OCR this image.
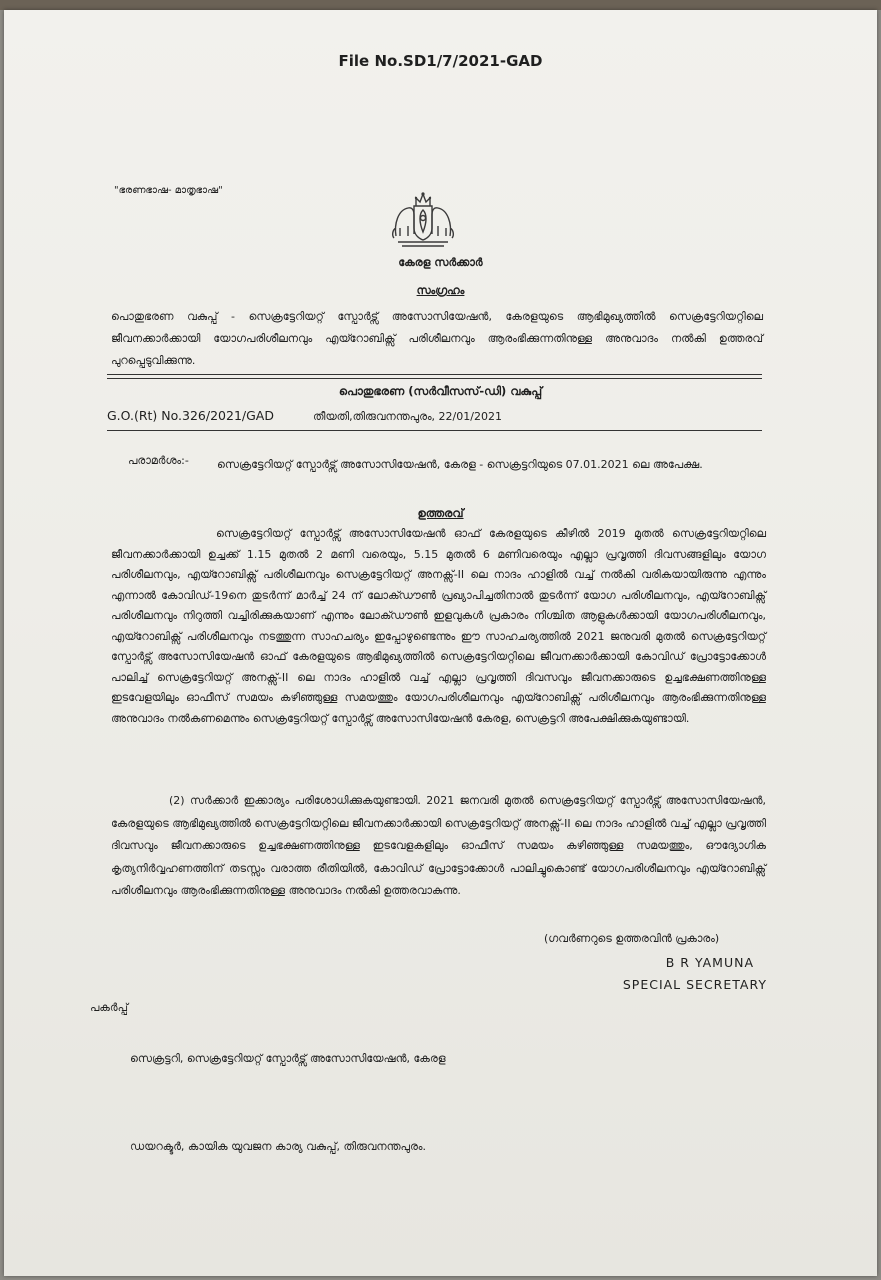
File No.SD1/7/2021-GAD
"ഭരണഭാഷ- മാതൃഭാഷ"
കേരള സർക്കാർ
സംഗ്രഹം
പൊതുഭരണ വകുപ്പ് - സെക്രട്ടേറിയറ്റ് സ്പോർട്സ് അസോസിയേഷൻ, കേരളയുടെ ആഭിമുഖ്യത്തിൽ സെക്രട്ടേറിയറ്റിലെ ജീവനക്കാർക്കായി യോഗപരിശീലനവും എയ്റോബിക്സ് പരിശീലനവും ആരംഭിക്കുന്നതിനുള്ള അനുവാദം നൽകി ഉത്തരവ് പുറപ്പെടുവിക്കുന്നു.
പൊതുഭരണ (സർവീസസ്-ഡി) വകുപ്പ്
G.O.(Rt) No.326/2021/GAD	തീയതി,തിരുവനന്തപുരം, 22/01/2021
പരാമർശം:-	സെക്രട്ടേറിയറ്റ് സ്പോർട്സ് അസോസിയേഷൻ, കേരള - സെക്രട്ടറിയുടെ 07.01.2021 ലെ അപേക്ഷ.
ഉത്തരവ്
സെക്രട്ടേറിയറ്റ് സ്പോർട്സ് അസോസിയേഷൻ ഓഫ് കേരളയുടെ കീഴിൽ 2019 മുതൽ സെക്രട്ടേറിയറ്റിലെ ജീവനക്കാർക്കായി ഉച്ചക്ക് 1.15 മുതൽ 2 മണി വരെയും, 5.15 മുതൽ 6 മണിവരെയും എല്ലാ പ്രവൃത്തി ദിവസങ്ങളിലും യോഗ പരിശീലനവും, എയ്റോബിക്സ് പരിശീലനവും സെക്രട്ടേറിയറ്റ് അനക്സ്-II ലെ നാദം ഹാളിൽ വച്ച് നൽകി വരികയായിരുന്നു എന്നും എന്നാൽ കോവിഡ്-19നെ തുടർന്ന് മാർച്ച് 24 ന് ലോക്ഡൗൺ പ്രഖ്യാപിച്ചതിനാൽ തുടർന്ന് യോഗ പരിശീലനവും, എയ്റോബിക്സ് പരിശീലനവും നിറുത്തി വച്ചിരിക്കുകയാണ് എന്നും ലോക്ഡൗൺ ഇളവുകൾ പ്രകാരം നിശ്ചിത ആളുകൾക്കായി യോഗപരിശീലനവും, എയ്റോബിക്സ് പരിശീലനവും നടത്തുന്ന സാഹചര്യം ഇപ്പോഴുണ്ടെന്നും ഈ സാഹചര്യത്തിൽ 2021 ജനുവരി മുതൽ സെക്രട്ടേറിയറ്റ് സ്പോർട്സ് അസോസിയേഷൻ ഓഫ് കേരളയുടെ ആഭിമുഖ്യത്തിൽ സെക്രട്ടേറിയറ്റിലെ ജീവനക്കാർക്കായി കോവിഡ് പ്രോട്ടോക്കോൾ പാലിച്ച് സെക്രട്ടേറിയറ്റ് അനക്സ്-II ലെ നാദം ഹാളിൽ വച്ച് എല്ലാ പ്രവൃത്തി ദിവസവും ജീവനക്കാരുടെ ഉച്ചഭക്ഷണത്തിനുള്ള ഇടവേളയിലും ഓഫീസ് സമയം കഴിഞ്ഞുള്ള സമയത്തും യോഗപരിശീലനവും എയ്റോബിക്സ് പരിശീലനവും ആരംഭിക്കുന്നതിനുള്ള അനുവാദം നൽകണമെന്നും സെക്രട്ടേറിയറ്റ് സ്പോർട്സ് അസോസിയേഷൻ കേരള, സെക്രട്ടറി അപേക്ഷിക്കുകയുണ്ടായി.
(2) സർക്കാർ ഇക്കാര്യം പരിശോധിക്കുകയുണ്ടായി. 2021 ജനവരി മുതൽ സെക്രട്ടേറിയറ്റ് സ്പോർട്സ് അസോസിയേഷൻ, കേരളയുടെ ആഭിമുഖ്യത്തിൽ സെക്രട്ടേറിയറ്റിലെ ജീവനക്കാർക്കായി സെക്രട്ടേറിയറ്റ് അനക്സ്-II ലെ നാദം ഹാളിൽ വച്ച് എല്ലാ പ്രവൃത്തി ദിവസവും ജീവനക്കാരുടെ ഉച്ചഭക്ഷണത്തിനുള്ള ഇടവേളകളിലും ഓഫീസ് സമയം കഴിഞ്ഞുള്ള സമയത്തും, ഔദ്യോഗിക കൃത്യനിർവ്വഹണത്തിന് തടസ്സം വരാത്ത രീതിയിൽ, കോവിഡ് പ്രോട്ടോക്കോൾ പാലിച്ചുകൊണ്ട് യോഗപരിശീലനവും എയ്റോബിക്സ് പരിശീലനവും ആരംഭിക്കുന്നതിനുള്ള അനുവാദം നൽകി ഉത്തരവാകുന്നു.
(ഗവർണറുടെ ഉത്തരവിൻ പ്രകാരം)
B R YAMUNA
SPECIAL SECRETARY
പകർപ്പ്
സെക്രട്ടറി, സെക്രട്ടേറിയറ്റ് സ്പോർട്സ് അസോസിയേഷൻ, കേരള
ഡയറക്ടർ, കായിക യുവജന കാര്യ വകുപ്പ്, തിരുവനന്തപുരം.
